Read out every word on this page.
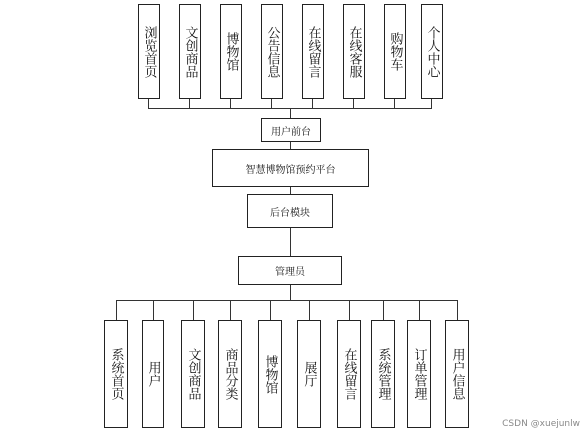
浏览首页 文创商品 博物馆 公告信息 在线留言 在线客服 购物车 个人中心
用户前台
智慧博物馆预约平台
后台模块
管理员
系统首页	用户	文创商品	商品分类	博物馆	展厅	在线留言	系统管理	订单管理	用户信息
CSDN @xuejunlw
